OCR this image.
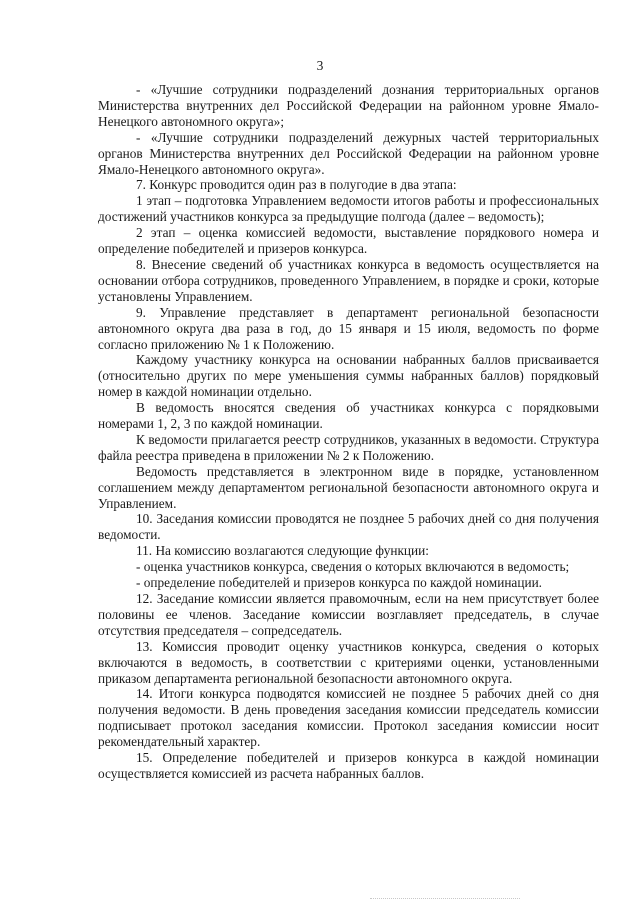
3

- «Лучшие сотрудники подразделений дознания территориальных органов Министерства внутренних дел Российской Федерации на районном уровне Ямало-Ненецкого автономного округа»;

- «Лучшие сотрудники подразделений дежурных частей территориальных органов Министерства внутренних дел Российской Федерации на районном уровне Ямало-Ненецкого автономного округа».

7. Конкурс проводится один раз в полугодие в два этапа:

1 этап – подготовка Управлением ведомости итогов работы и профессиональных достижений участников конкурса за предыдущие полгода (далее – ведомость);

2 этап – оценка комиссией ведомости, выставление порядкового номера и определение победителей и призеров конкурса.

8. Внесение сведений об участниках конкурса в ведомость осуществляется на основании отбора сотрудников, проведенного Управлением, в порядке и сроки, которые установлены Управлением.

9. Управление представляет в департамент региональной безопасности автономного округа два раза в год, до 15 января и 15 июля, ведомость по форме согласно приложению № 1 к Положению.

Каждому участнику конкурса на основании набранных баллов присваивается (относительно других по мере уменьшения суммы набранных баллов) порядковый номер в каждой номинации отдельно.

В ведомость вносятся сведения об участниках конкурса с порядковыми номерами 1, 2, 3 по каждой номинации.

К ведомости прилагается реестр сотрудников, указанных в ведомости. Структура файла реестра приведена в приложении № 2 к Положению.

Ведомость представляется в электронном виде в порядке, установленном соглашением между департаментом региональной безопасности автономного округа и Управлением.

10. Заседания комиссии проводятся не позднее 5 рабочих дней со дня получения ведомости.

11. На комиссию возлагаются следующие функции:

- оценка участников конкурса, сведения о которых включаются в ведомость;

- определение победителей и призеров конкурса по каждой номинации.

12. Заседание комиссии является правомочным, если на нем присутствует более половины ее членов. Заседание комиссии возглавляет председатель, в случае отсутствия председателя – сопредседатель.

13. Комиссия проводит оценку участников конкурса, сведения о которых включаются в ведомость, в соответствии с критериями оценки, установленными приказом департамента региональной безопасности автономного округа.

14. Итоги конкурса подводятся комиссией не позднее 5 рабочих дней со дня получения ведомости. В день проведения заседания комиссии председатель комиссии подписывает протокол заседания комиссии. Протокол заседания комиссии носит рекомендательный характер.

15. Определение победителей и призеров конкурса в каждой номинации осуществляется комиссией из расчета набранных баллов.
